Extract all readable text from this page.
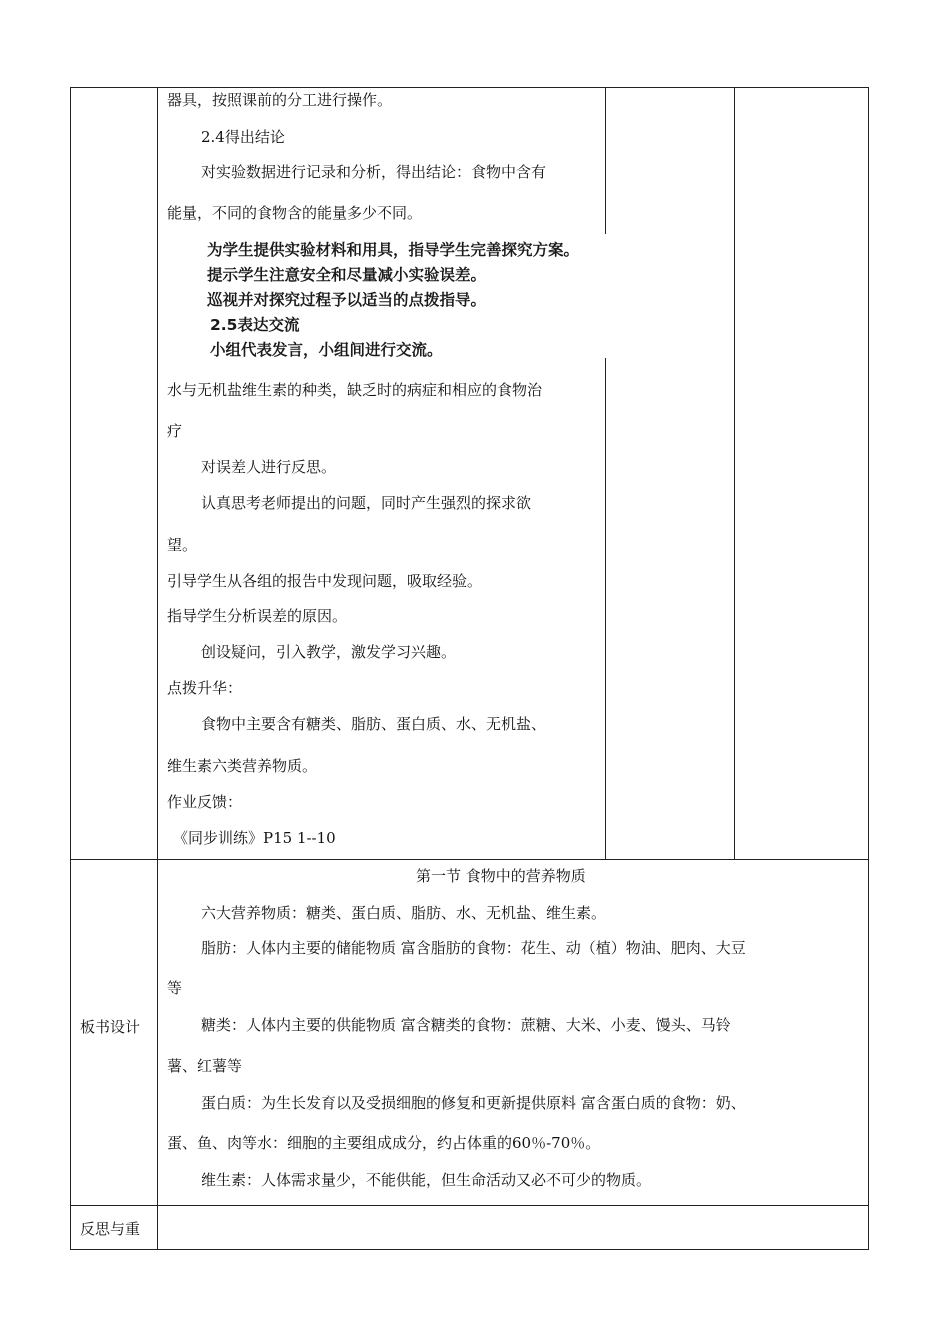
器具，按照课前的分工进行操作。
2.4得出结论
对实验数据进行记录和分析，得出结论：食物中含有
能量，不同的食物含的能量多少不同。
为学生提供实验材料和用具，指导学生完善探究方案。
提示学生注意安全和尽量减小实验误差。
巡视并对探究过程予以适当的点拨指导。
2.5表达交流
小组代表发言，小组间进行交流。
水与无机盐维生素的种类，缺乏时的病症和相应的食物治
疗
对误差人进行反思。
认真思考老师提出的问题，同时产生强烈的探求欲
望。
引导学生从各组的报告中发现问题，吸取经验。
指导学生分析误差的原因。
创设疑问，引入教学，激发学习兴趣。
点拨升华：
食物中主要含有糖类、脂肪、蛋白质、水、无机盐、
维生素六类营养物质。
作业反馈：
《同步训练》P15 1--10
板书设计
第一节 食物中的营养物质
六大营养物质：糖类、蛋白质、脂肪、水、无机盐、维生素。
脂肪：人体内主要的储能物质 富含脂肪的食物：花生、动（植）物油、肥肉、大豆
等
糖类：人体内主要的供能物质 富含糖类的食物：蔗糖、大米、小麦、馒头、马铃
薯、红薯等
蛋白质：为生长发育以及受损细胞的修复和更新提供原料 富含蛋白质的食物：奶、
蛋、鱼、肉等水：细胞的主要组成成分，约占体重的60％-70％。
维生素：人体需求量少，不能供能，但生命活动又必不可少的物质。
反思与重
